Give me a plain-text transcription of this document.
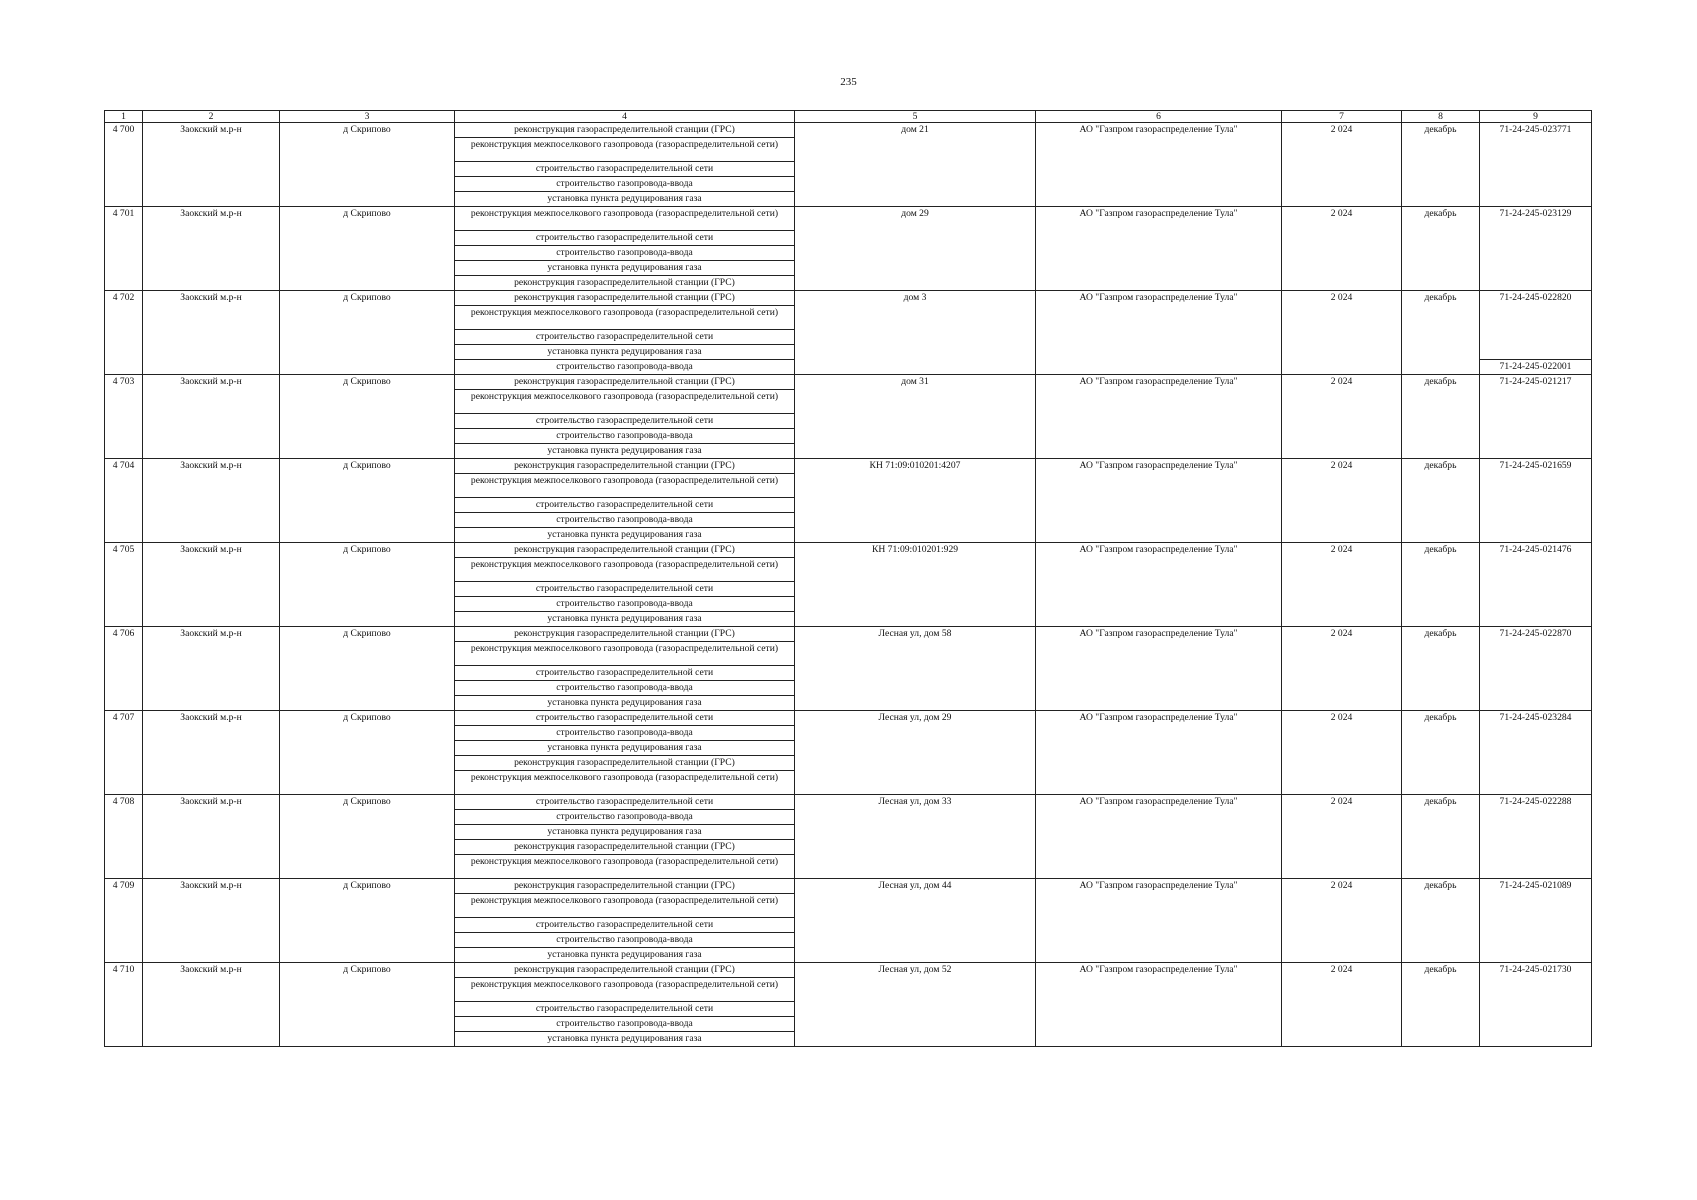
235
1	2	3	4	5	6	7	8	9
4 700	Заокский м.р-н	д Скрипово	реконструкция газораспределительной станции (ГРС)	дом 21	АО "Газпром газораспределение Тула"	2 024	декабрь	71-24-245-023771
			реконструкция межпоселкового газопровода (газораспределительной сети)					
			строительство газораспределительной сети					
			строительство газопровода-ввода					
			установка пункта редуцирования газа					
4 701	Заокский м.р-н	д Скрипово	реконструкция межпоселкового газопровода (газораспределительной сети)	дом 29	АО "Газпром газораспределение Тула"	2 024	декабрь	71-24-245-023129
			строительство газораспределительной сети					
			строительство газопровода-ввода					
			установка пункта редуцирования газа					
			реконструкция газораспределительной станции (ГРС)					
4 702	Заокский м.р-н	д Скрипово	реконструкция газораспределительной станции (ГРС)	дом 3	АО "Газпром газораспределение Тула"	2 024	декабрь	71-24-245-022820
			реконструкция межпоселкового газопровода (газораспределительной сети)					
			строительство газораспределительной сети					
			установка пункта редуцирования газа					
			строительство газопровода-ввода					71-24-245-022001
4 703	Заокский м.р-н	д Скрипово	реконструкция газораспределительной станции (ГРС)	дом 31	АО "Газпром газораспределение Тула"	2 024	декабрь	71-24-245-021217
			реконструкция межпоселкового газопровода (газораспределительной сети)					
			строительство газораспределительной сети					
			строительство газопровода-ввода					
			установка пункта редуцирования газа					
4 704	Заокский м.р-н	д Скрипово	реконструкция газораспределительной станции (ГРС)	КН 71:09:010201:4207	АО "Газпром газораспределение Тула"	2 024	декабрь	71-24-245-021659
			реконструкция межпоселкового газопровода (газораспределительной сети)					
			строительство газораспределительной сети					
			строительство газопровода-ввода					
			установка пункта редуцирования газа					
4 705	Заокский м.р-н	д Скрипово	реконструкция газораспределительной станции (ГРС)	КН 71:09:010201:929	АО "Газпром газораспределение Тула"	2 024	декабрь	71-24-245-021476
			реконструкция межпоселкового газопровода (газораспределительной сети)					
			строительство газораспределительной сети					
			строительство газопровода-ввода					
			установка пункта редуцирования газа					
4 706	Заокский м.р-н	д Скрипово	реконструкция газораспределительной станции (ГРС)	Лесная ул, дом 58	АО "Газпром газораспределение Тула"	2 024	декабрь	71-24-245-022870
			реконструкция межпоселкового газопровода (газораспределительной сети)					
			строительство газораспределительной сети					
			строительство газопровода-ввода					
			установка пункта редуцирования газа					
4 707	Заокский м.р-н	д Скрипово	строительство газораспределительной сети	Лесная ул, дом 29	АО "Газпром газораспределение Тула"	2 024	декабрь	71-24-245-023284
			строительство газопровода-ввода					
			установка пункта редуцирования газа					
			реконструкция газораспределительной станции (ГРС)					
			реконструкция межпоселкового газопровода (газораспределительной сети)					
4 708	Заокский м.р-н	д Скрипово	строительство газораспределительной сети	Лесная ул, дом 33	АО "Газпром газораспределение Тула"	2 024	декабрь	71-24-245-022288
			строительство газопровода-ввода					
			установка пункта редуцирования газа					
			реконструкция газораспределительной станции (ГРС)					
			реконструкция межпоселкового газопровода (газораспределительной сети)					
4 709	Заокский м.р-н	д Скрипово	реконструкция газораспределительной станции (ГРС)	Лесная ул, дом 44	АО "Газпром газораспределение Тула"	2 024	декабрь	71-24-245-021089
			реконструкция межпоселкового газопровода (газораспределительной сети)					
			строительство газораспределительной сети					
			строительство газопровода-ввода					
			установка пункта редуцирования газа					
4 710	Заокский м.р-н	д Скрипово	реконструкция газораспределительной станции (ГРС)	Лесная ул, дом 52	АО "Газпром газораспределение Тула"	2 024	декабрь	71-24-245-021730
			реконструкция межпоселкового газопровода (газораспределительной сети)					
			строительство газораспределительной сети					
			строительство газопровода-ввода					
			установка пункта редуцирования газа					
